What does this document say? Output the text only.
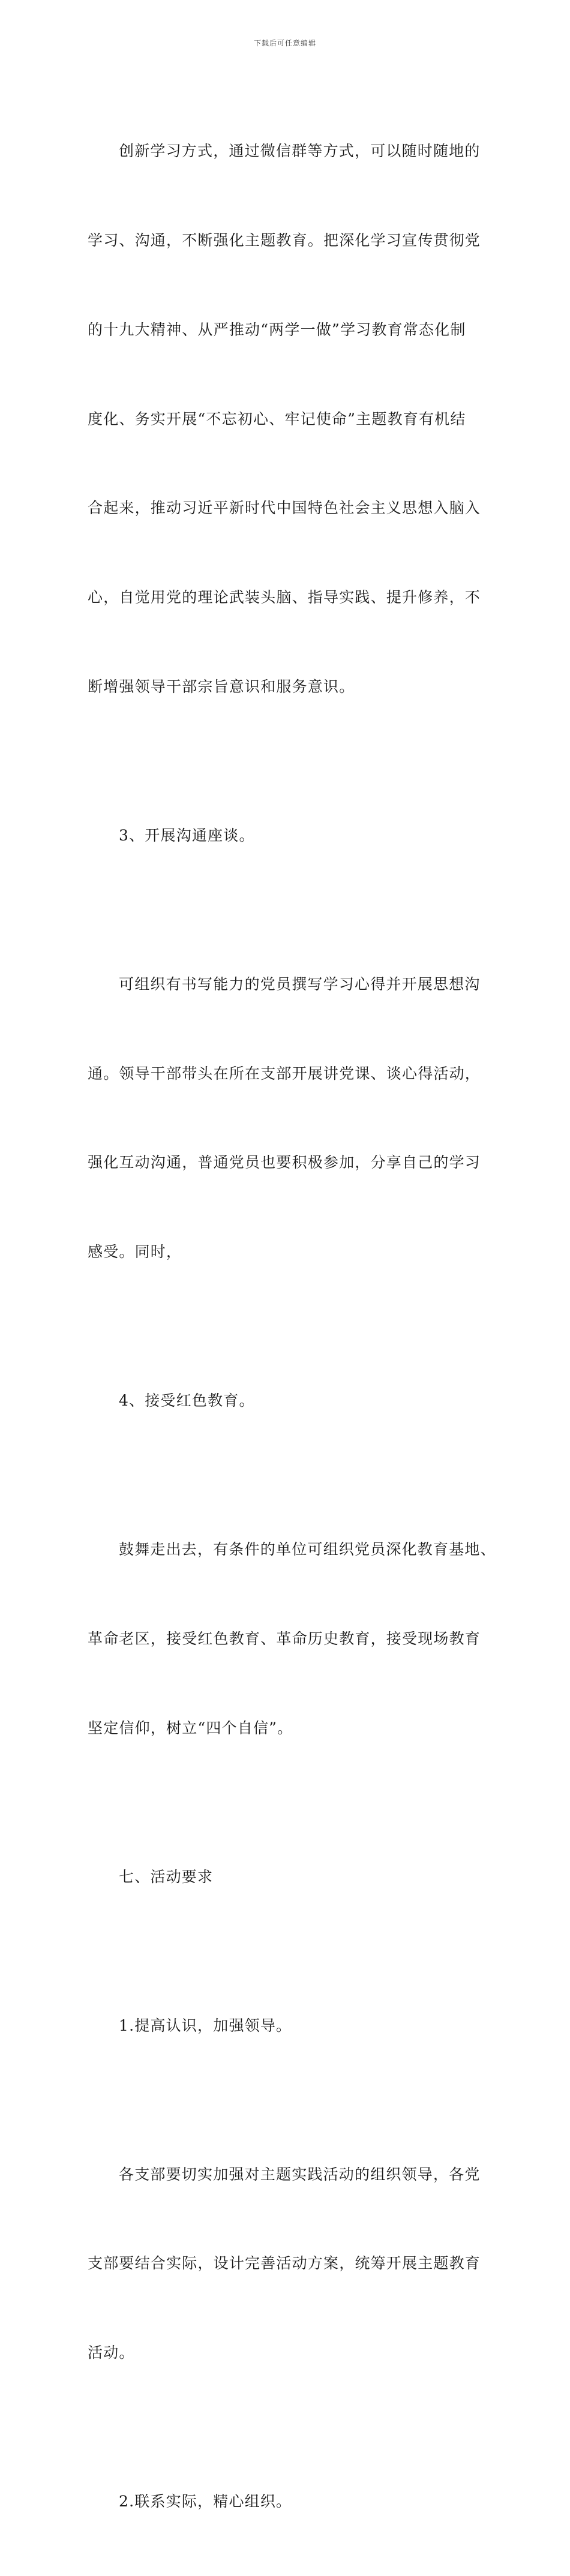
下载后可任意编辑

创新学习方式，通过微信群等方式，可以随时随地的

学习、沟通，不断强化主题教育。把深化学习宣传贯彻党

的十九大精神、从严推动“两学一做”学习教育常态化制

度化、务实开展“不忘初心、牢记使命”主题教育有机结

合起来，推动习近平新时代中国特色社会主义思想入脑入

心，自觉用党的理论武装头脑、指导实践、提升修养，不

断增强领导干部宗旨意识和服务意识。

3、开展沟通座谈。

可组织有书写能力的党员撰写学习心得并开展思想沟

通。领导干部带头在所在支部开展讲党课、谈心得活动，

强化互动沟通，普通党员也要积极参加，分享自己的学习

感受。同时，

4、接受红色教育。

鼓舞走出去，有条件的单位可组织党员深化教育基地、

革命老区，接受红色教育、革命历史教育，接受现场教育

坚定信仰，树立“四个自信”。

七、活动要求

1.提高认识，加强领导。

各支部要切实加强对主题实践活动的组织领导，各党

支部要结合实际，设计完善活动方案，统筹开展主题教育

活动。

2.联系实际，精心组织。
